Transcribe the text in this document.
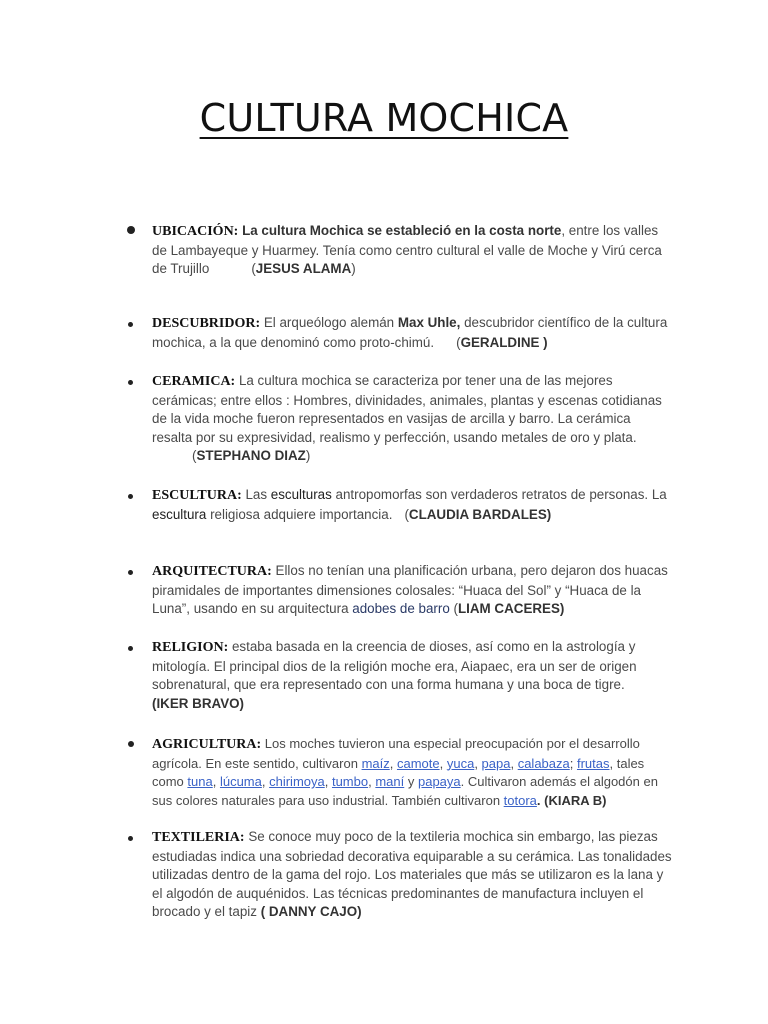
CULTURA MOCHICA

UBICACIÓN: La cultura Mochica se estableció en la costa norte, entre los valles de Lambayeque y Huarmey. Tenía como centro cultural el valle de Moche y Virú cerca de Trujillo	(JESUS ALAMA)

DESCUBRIDOR: El arqueólogo alemán Max Uhle, descubridor científico de la cultura mochica, a la que denominó como proto-chimú. (GERALDINE )

CERAMICA: La cultura mochica se caracteriza por tener una de las mejores cerámicas; entre ellos : Hombres, divinidades, animales, plantas y escenas cotidianas de la vida moche fueron representados en vasijas de arcilla y barro. La cerámica resalta por su expresividad, realismo y perfección, usando metales de oro y plata.(STEPHANO DIAZ)

ESCULTURA: Las esculturas antropomorfas son verdaderos retratos de personas. La escultura religiosa adquiere importancia. (CLAUDIA BARDALES)

ARQUITECTURA: Ellos no tenían una planificación urbana, pero dejaron dos huacas piramidales de importantes dimensiones colosales: “Huaca del Sol” y “Huaca de la Luna”, usando en su arquitectura adobes de barro (LIAM CACERES)

RELIGION: estaba basada en la creencia de dioses, así como en la astrología y mitología. El principal dios de la religión moche era, Aiapaec, era un ser de origen sobrenatural, que era representado con una forma humana y una boca de tigre.
(IKER BRAVO)

AGRICULTURA: Los moches tuvieron una especial preocupación por el desarrollo agrícola. En este sentido, cultivaron maíz, camote, yuca, papa, calabaza; frutas, tales como tuna, lúcuma, chirimoya, tumbo, maní y papaya. Cultivaron además el algodón en sus colores naturales para uso industrial. También cultivaron totora. (KIARA B)

TEXTILERIA: Se conoce muy poco de la textileria mochica sin embargo, las piezas estudiadas indica una sobriedad decorativa equiparable a su cerámica. Las tonalidades utilizadas dentro de la gama del rojo. Los materiales que más se utilizaron es la lana y el algodón de auquénidos. Las técnicas predominantes de manufactura incluyen el brocado y el tapiz ( DANNY CAJO)
